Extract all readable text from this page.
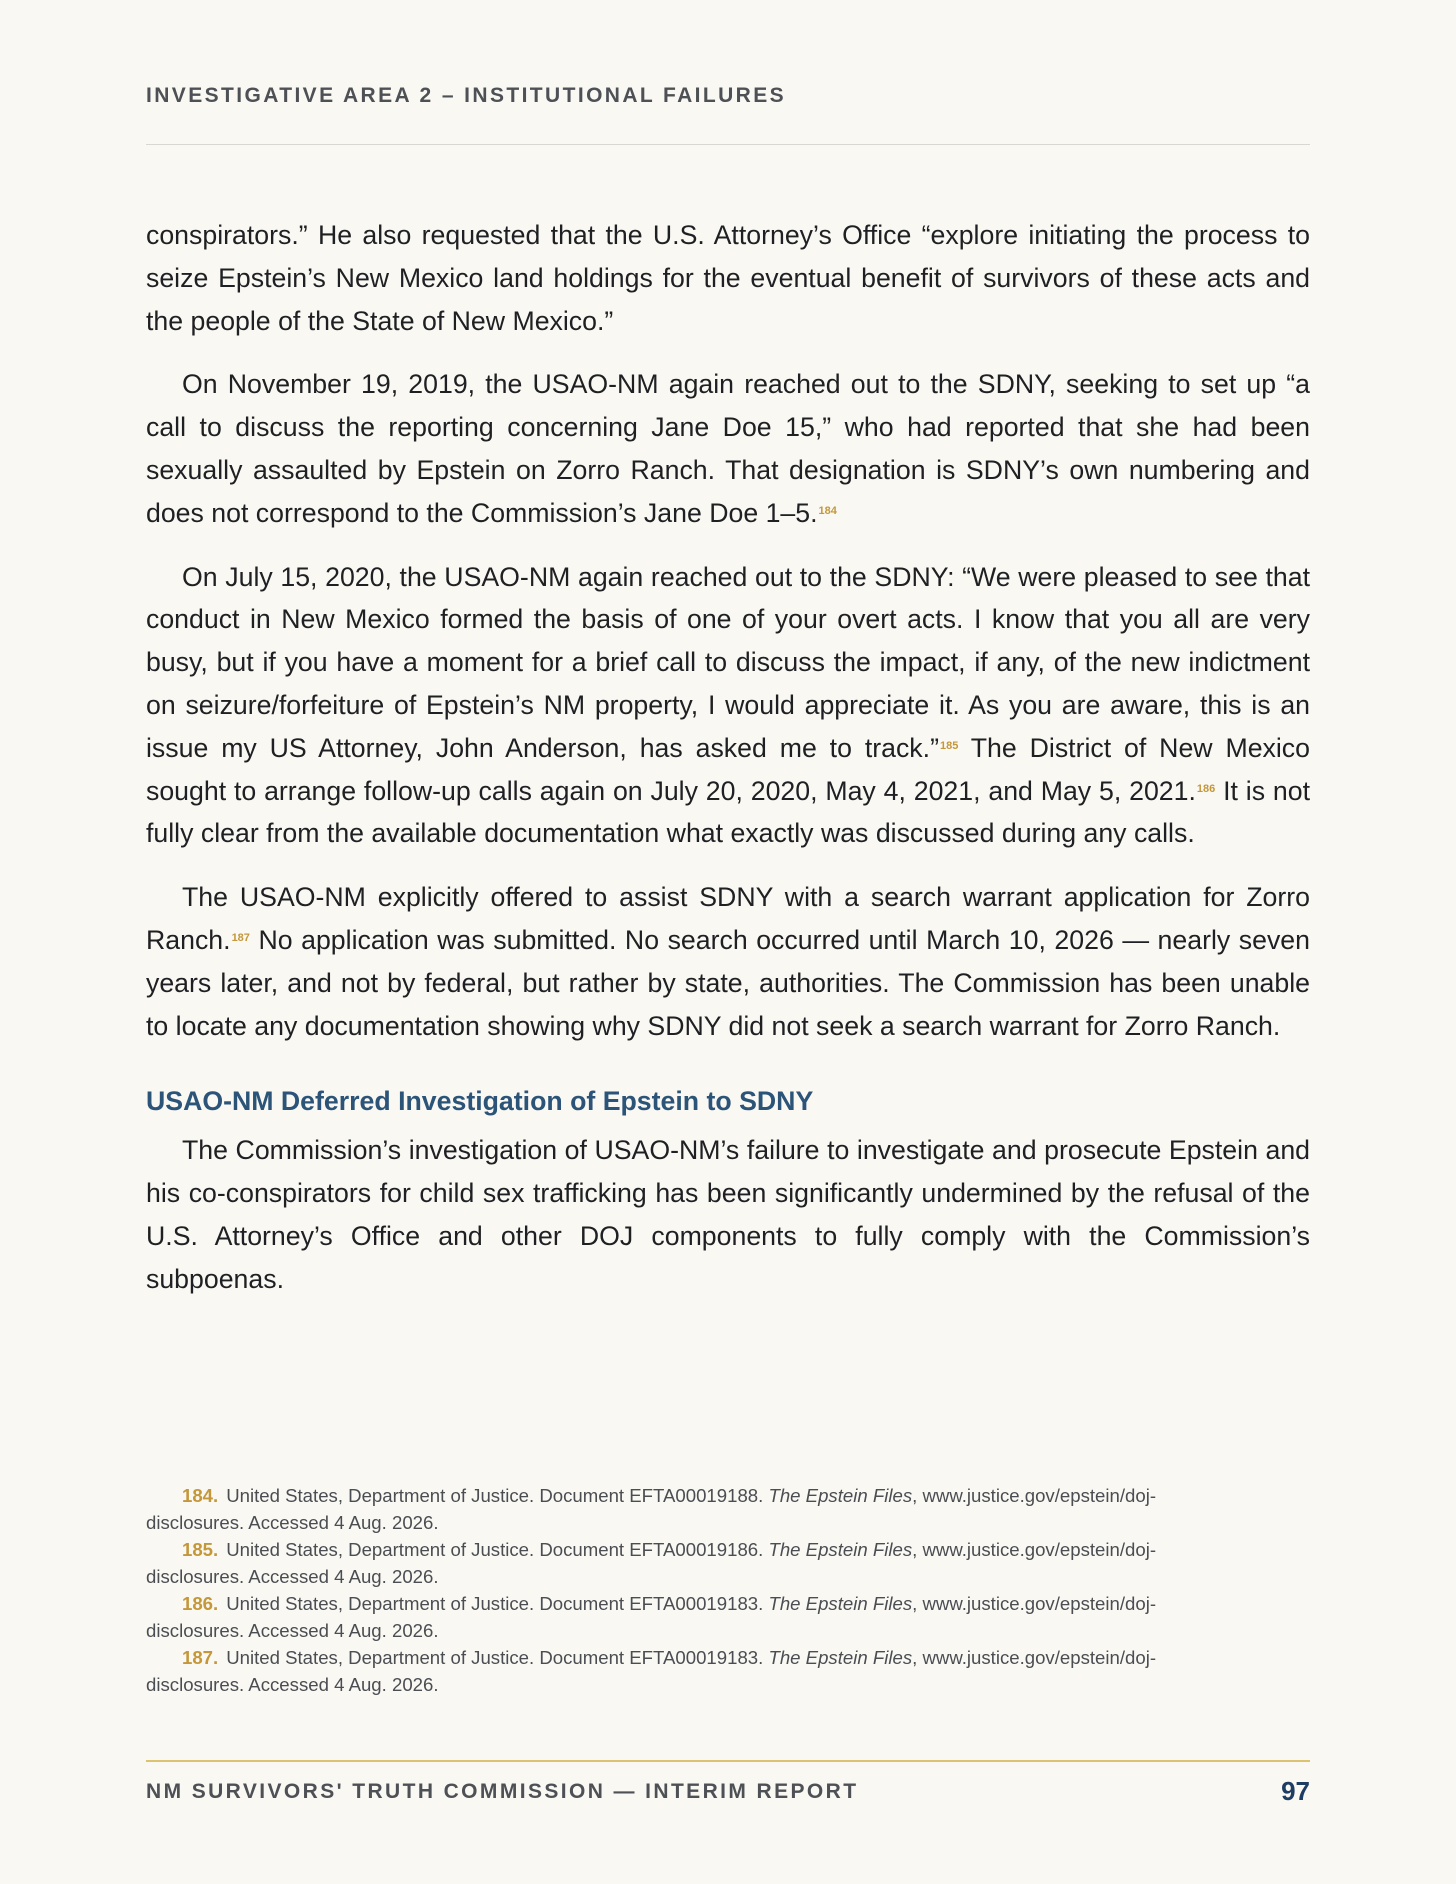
INVESTIGATIVE AREA 2 – INSTITUTIONAL FAILURES

conspirators.” He also requested that the U.S. Attorney’s Office “explore initiating the process to seize Epstein’s New Mexico land holdings for the eventual benefit of survivors of these acts and the people of the State of New Mexico.”

On November 19, 2019, the USAO-NM again reached out to the SDNY, seeking to set up “a call to discuss the reporting concerning Jane Doe 15,” who had reported that she had been sexually assaulted by Epstein on Zorro Ranch. That designation is SDNY’s own numbering and does not correspond to the Commission’s Jane Doe 1–5.$^{184}$

On July 15, 2020, the USAO-NM again reached out to the SDNY: “We were pleased to see that conduct in New Mexico formed the basis of one of your overt acts. I know that you all are very busy, but if you have a moment for a brief call to discuss the impact, if any, of the new indictment on seizure/forfeiture of Epstein’s NM property, I would appreciate it. As you are aware, this is an issue my US Attorney, John Anderson, has asked me to track.”$^{185}$ The District of New Mexico sought to arrange follow-up calls again on July 20, 2020, May 4, 2021, and May 5, 2021.$^{186}$ It is not fully clear from the available documentation what exactly was discussed during any calls.

The USAO-NM explicitly offered to assist SDNY with a search warrant application for Zorro Ranch.$^{187}$ No application was submitted. No search occurred until March 10, 2026 — nearly seven years later, and not by federal, but rather by state, authorities. The Commission has been unable to locate any documentation showing why SDNY did not seek a search warrant for Zorro Ranch.

USAO-NM Deferred Investigation of Epstein to SDNY

The Commission’s investigation of USAO-NM’s failure to investigate and prosecute Epstein and his co-conspirators for child sex trafficking has been significantly undermined by the refusal of the U.S. Attorney’s Office and other DOJ components to fully comply with the Commission’s subpoenas.

184. United States, Department of Justice. Document EFTA00019188. The Epstein Files, www.justice.gov/epstein/doj-disclosures. Accessed 4 Aug. 2026.

185. United States, Department of Justice. Document EFTA00019186. The Epstein Files, www.justice.gov/epstein/doj-disclosures. Accessed 4 Aug. 2026.

186. United States, Department of Justice. Document EFTA00019183. The Epstein Files, www.justice.gov/epstein/doj-disclosures. Accessed 4 Aug. 2026.

187. United States, Department of Justice. Document EFTA00019183. The Epstein Files, www.justice.gov/epstein/doj-disclosures. Accessed 4 Aug. 2026.

NM SURVIVORS' TRUTH COMMISSION — INTERIM REPORT	97
